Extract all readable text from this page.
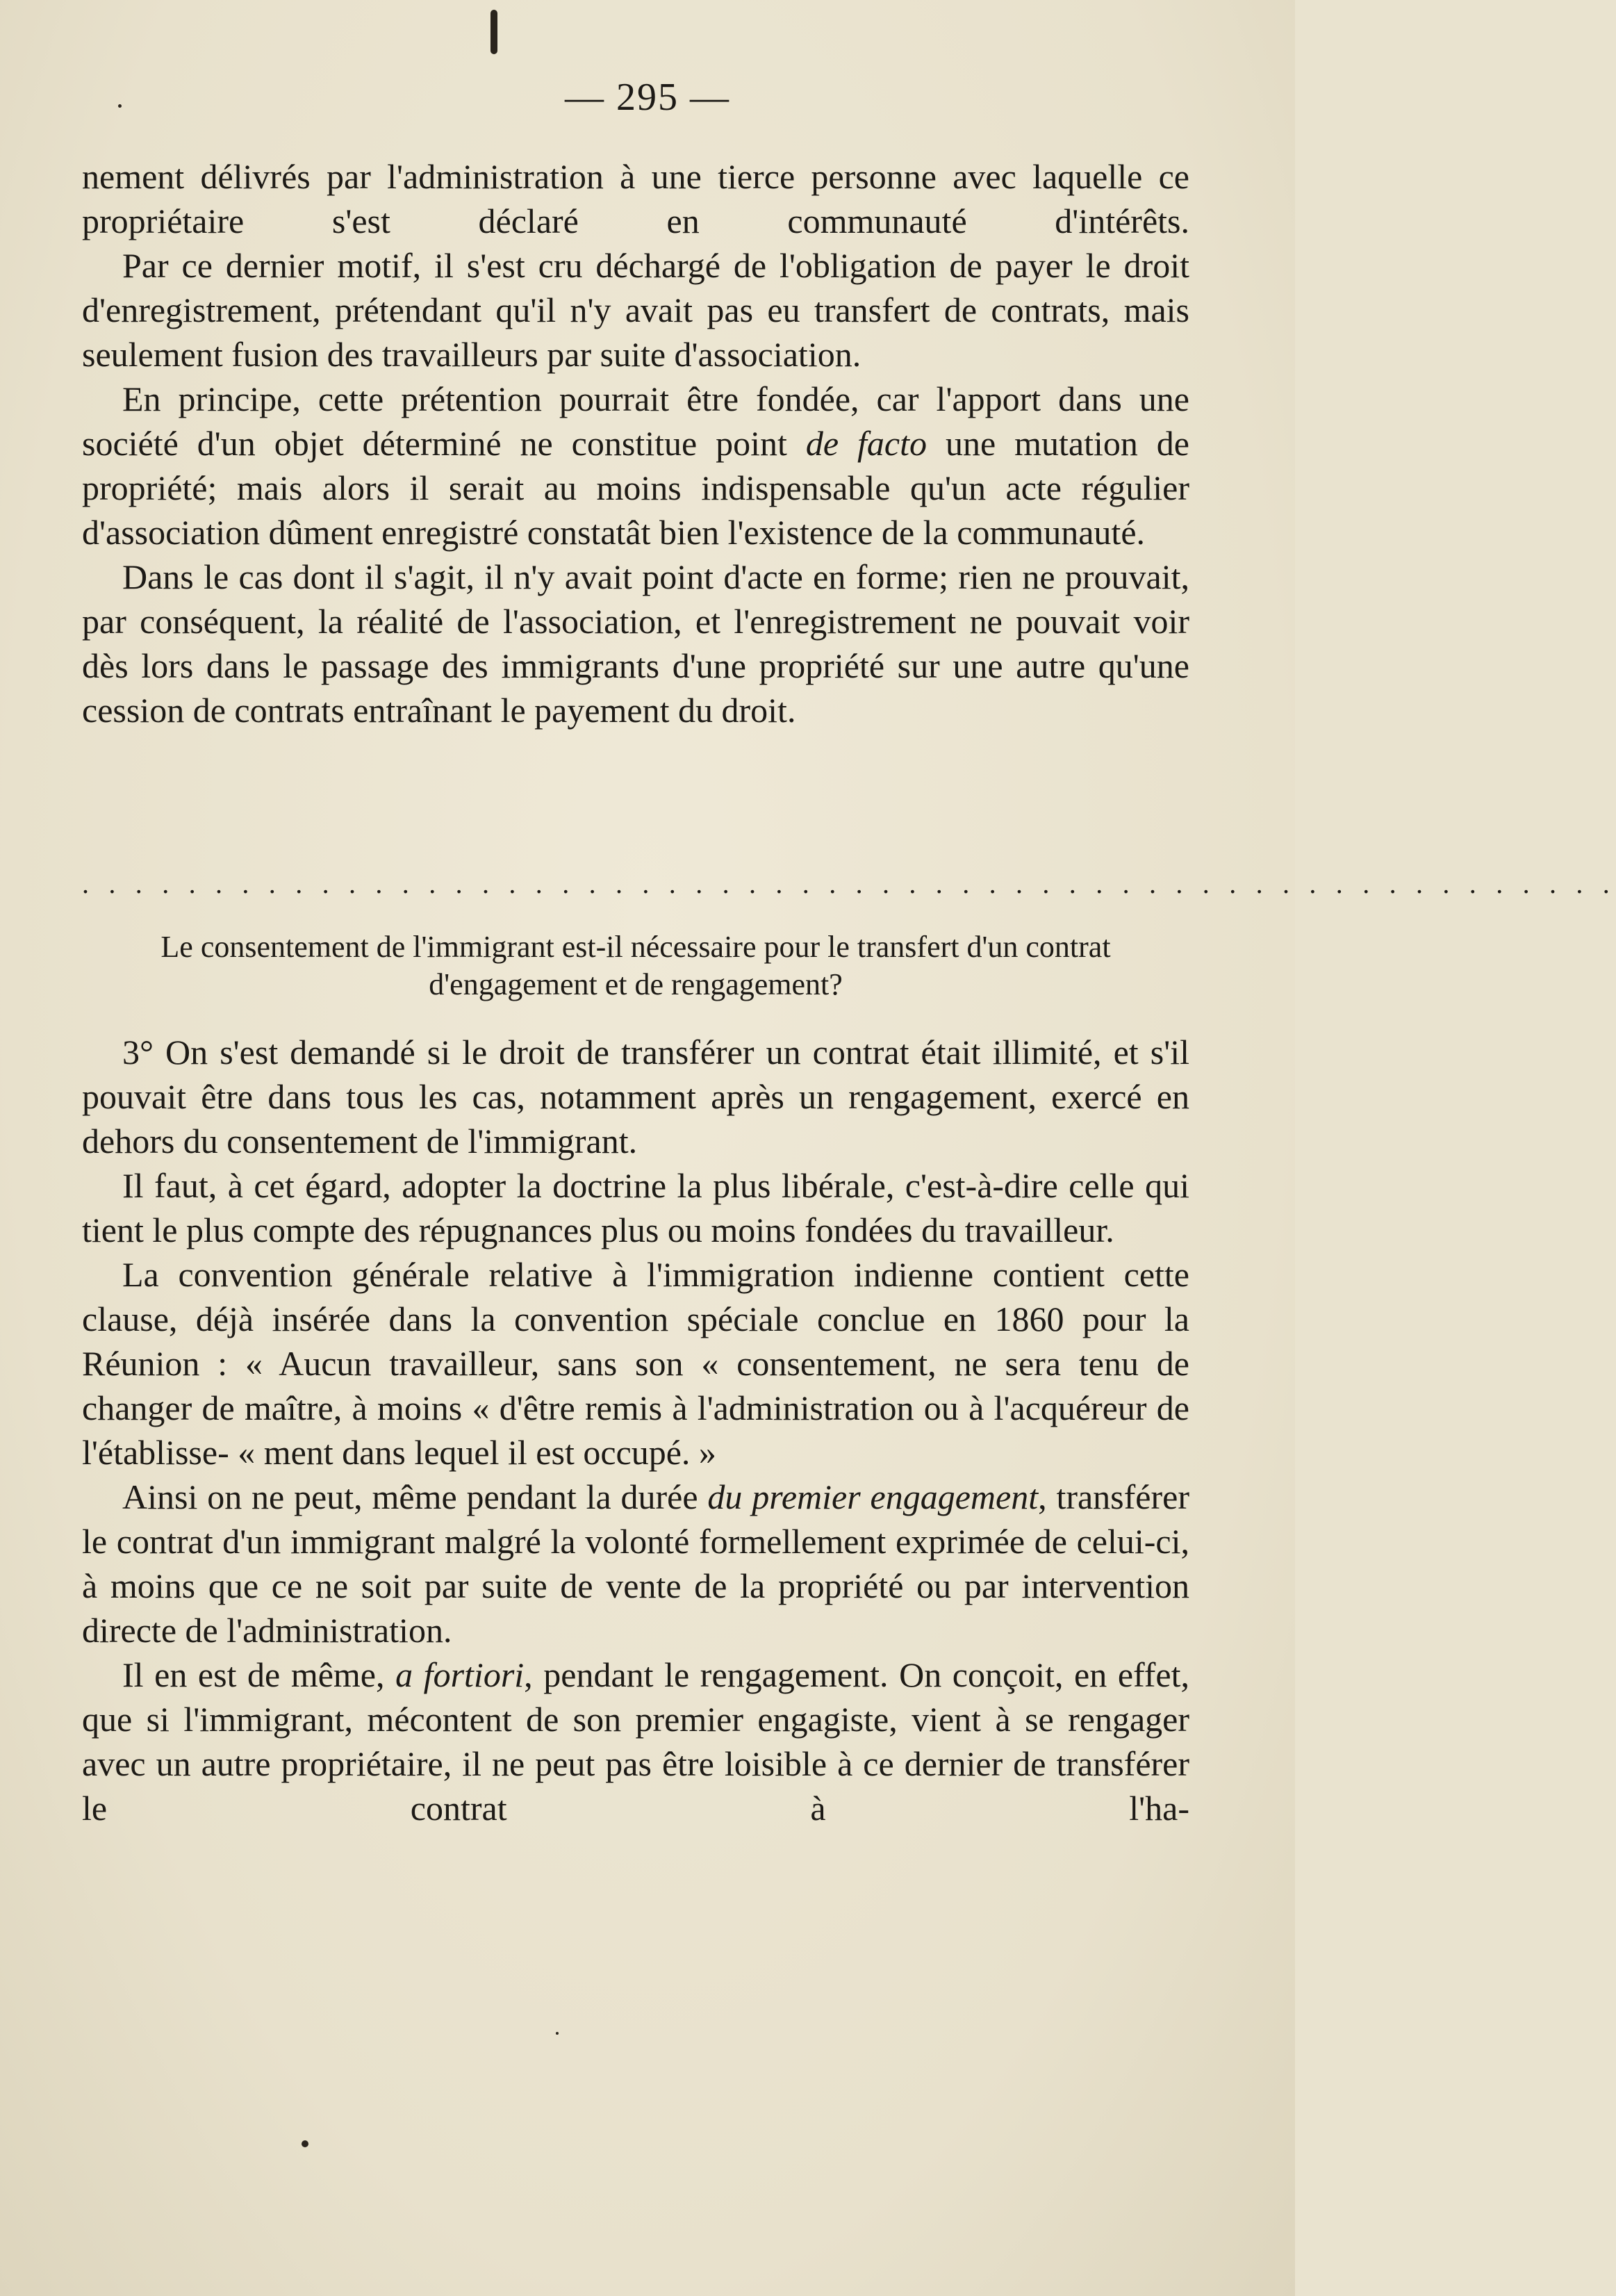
— 295 —

nement délivrés par l'administration à une tierce personne avec laquelle ce propriétaire s'est déclaré en communauté d'intérêts.

Par ce dernier motif, il s'est cru déchargé de l'obligation de payer le droit d'enregistrement, prétendant qu'il n'y avait pas eu transfert de contrats, mais seulement fusion des travailleurs par suite d'association.

En principe, cette prétention pourrait être fondée, car l'apport dans une société d'un objet déterminé ne constitue point de facto une mutation de propriété; mais alors il serait au moins indispensable qu'un acte régulier d'association dûment enregistré constatât bien l'existence de la communauté.

Dans le cas dont il s'agit, il n'y avait point d'acte en forme; rien ne prouvait, par conséquent, la réalité de l'association, et l'enregistrement ne pouvait voir dès lors dans le passage des immigrants d'une propriété sur une autre qu'une cession de contrats entraînant le payement du droit.

. . . . . . . . . . . . . . . . . . . . . . . . . . . . . . . . . . . . . . . . . . . . . . . . . . . . . . . . . .
Le consentement de l'immigrant est-il nécessaire pour le transfert d'un contrat d'engagement et de rengagement?

3° On s'est demandé si le droit de transférer un contrat était illimité, et s'il pouvait être dans tous les cas, notamment après un rengagement, exercé en dehors du consentement de l'immigrant.

Il faut, à cet égard, adopter la doctrine la plus libérale, c'est-à-dire celle qui tient le plus compte des répugnances plus ou moins fondées du travailleur.

La convention générale relative à l'immigration indienne contient cette clause, déjà insérée dans la convention spéciale conclue en 1860 pour la Réunion : « Aucun travailleur, sans son « consentement, ne sera tenu de changer de maître, à moins « d'être remis à l'administration ou à l'acquéreur de l'établisse- « ment dans lequel il est occupé. »

Ainsi on ne peut, même pendant la durée du premier engagement, transférer le contrat d'un immigrant malgré la volonté formellement exprimée de celui-ci, à moins que ce ne soit par suite de vente de la propriété ou par intervention directe de l'administration.

Il en est de même, a fortiori, pendant le rengagement. On conçoit, en effet, que si l'immigrant, mécontent de son premier engagiste, vient à se rengager avec un autre propriétaire, il ne peut pas être loisible à ce dernier de transférer le contrat à l'ha-
